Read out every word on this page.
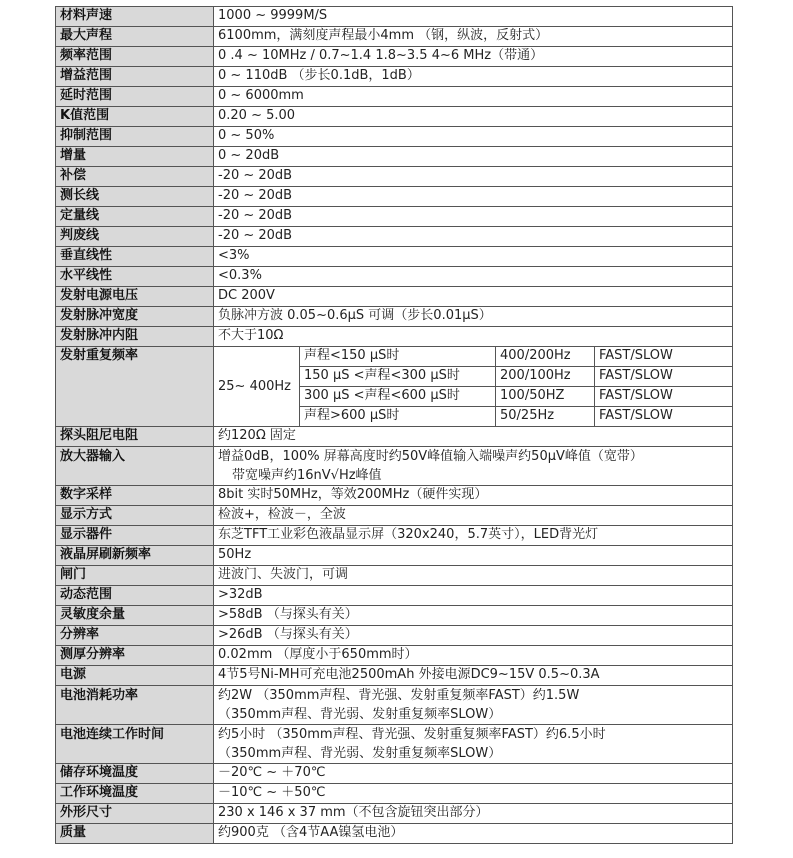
材料声速	1000 ~ 9999M/S			
最大声程	6100mm，满刻度声程最小4mm （钢，纵波，反射式）			
频率范围	0 .4 ~ 10MHz / 0.7~1.4 1.8~3.5 4~6 MHz（带通）			
增益范围	0 ~ 110dB （步长0.1dB，1dB）			
延时范围	0 ~ 6000mm			
K值范围	0.20 ~ 5.00			
抑制范围	0 ~ 50%			
增量	0 ~ 20dB			
补偿	-20 ~ 20dB			
测长线	-20 ~ 20dB			
定量线	-20 ~ 20dB			
判废线	-20 ~ 20dB			
垂直线性	<3%			
水平线性	<0.3%			
发射电源电压	DC 200V			
发射脉冲宽度	负脉冲方波 0.05~0.6μS 可调（步长0.01μS）			
发射脉冲内阻	不大于10Ω			
发射重复频率	25~ 400Hz	声程<150 μS时	400/200Hz	FAST/SLOW
		150 μS <声程<300 μS时	200/100Hz	FAST/SLOW
		300 μS <声程<600 μS时	100/50HZ	FAST/SLOW
		声程>600 μS时	50/25Hz	FAST/SLOW
探头阻尼电阻	约120Ω 固定			
放大器输入	增益0dB，100% 屏幕高度时约50V峰值输入端噪声约50μV峰值（宽带）
带宽噪声约16nV√Hz峰值			

数字采样	8bit 实时50MHz，等效200MHz（硬件实现）			
显示方式	检波+，检波－，全波			
显示器件	东芝TFT工业彩色液晶显示屏（320x240，5.7英寸），LED背光灯			
液晶屏刷新频率	50Hz			
闸门	进波门、失波门，可调			
动态范围	>32dB			
灵敏度余量	>58dB （与探头有关）			
分辨率	>26dB （与探头有关）			
测厚分辨率	0.02mm （厚度小于650mm时）			
电源	4节5号Ni-MH可充电池2500mAh 外接电源DC9~15V 0.5~0.3A			
电池消耗功率	约2W （350mm声程、背光强、发射重复频率FAST）约1.5W
（350mm声程、背光弱、发射重复频率SLOW）			

电池连续工作时间	约5小时 （350mm声程、背光强、发射重复频率FAST）约6.5小时
（350mm声程、背光弱、发射重复频率SLOW）			

储存环境温度	－20℃ ~ ＋70℃			
工作环境温度	－10℃ ~ ＋50℃			
外形尺寸	230 x 146 x 37 mm（不包含旋钮突出部分）			
质量	约900克 （含4节AA镍氢电池）			
